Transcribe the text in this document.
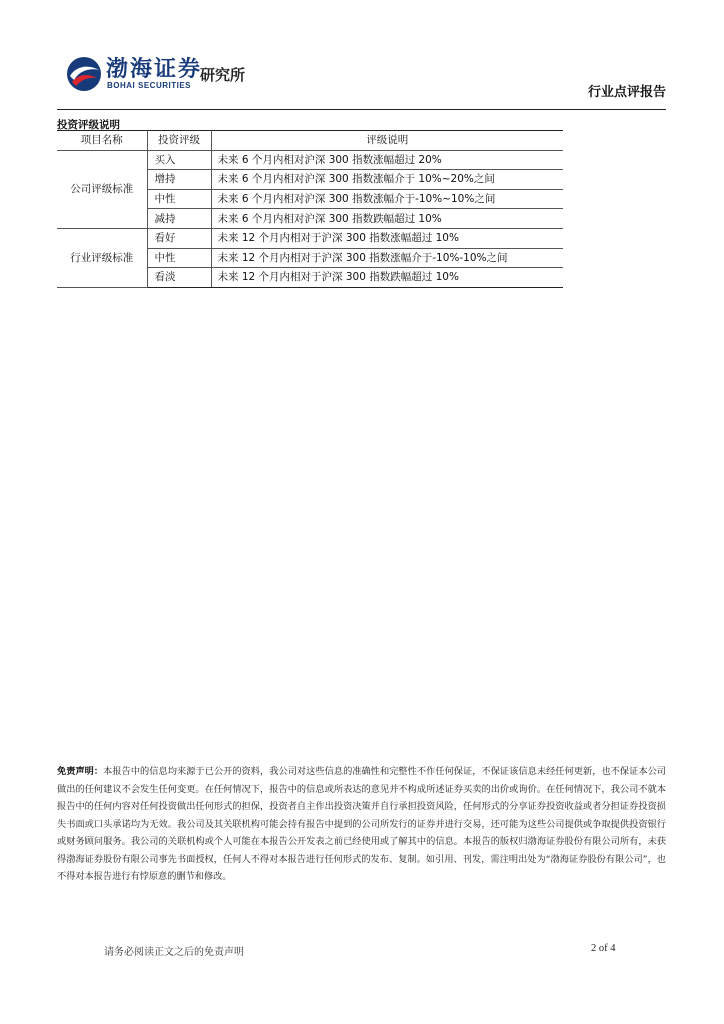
渤海证券
BOHAI SECURITIES
研究所
行业点评报告
投资评级说明
项目名称	投资评级	评级说明
公司评级标准	买入	未来 6 个月内相对沪深 300 指数涨幅超过 20%
	增持	未来 6 个月内相对沪深 300 指数涨幅介于 10%~20%之间
	中性	未来 6 个月内相对沪深 300 指数涨幅介于-10%~10%之间
	减持	未来 6 个月内相对沪深 300 指数跌幅超过 10%
行业评级标准	看好	未来 12 个月内相对于沪深 300 指数涨幅超过 10%
	中性	未来 12 个月内相对于沪深 300 指数涨幅介于-10%-10%之间
	看淡	未来 12 个月内相对于沪深 300 指数跌幅超过 10%
免责声明：本报告中的信息均来源于已公开的资料，我公司对这些信息的准确性和完整性不作任何保证，不保证该信息未经任何更新，也不保证本公司做出的任何建议不会发生任何变更。在任何情况下，报告中的信息或所表达的意见并不构成所述证券买卖的出价或询价。在任何情况下，我公司不就本报告中的任何内容对任何投资做出任何形式的担保，投资者自主作出投资决策并自行承担投资风险，任何形式的分享证券投资收益或者分担证券投资损失书面或口头承诺均为无效。我公司及其关联机构可能会持有报告中提到的公司所发行的证券并进行交易，还可能为这些公司提供或争取提供投资银行或财务顾问服务。我公司的关联机构或个人可能在本报告公开发表之前已经使用或了解其中的信息。本报告的版权归渤海证券股份有限公司所有，未获得渤海证券股份有限公司事先书面授权，任何人不得对本报告进行任何形式的发布、复制。如引用、刊发，需注明出处为“渤海证券股份有限公司”，也不得对本报告进行有悖原意的删节和修改。
请务必阅读正文之后的免责声明	2 of 4
